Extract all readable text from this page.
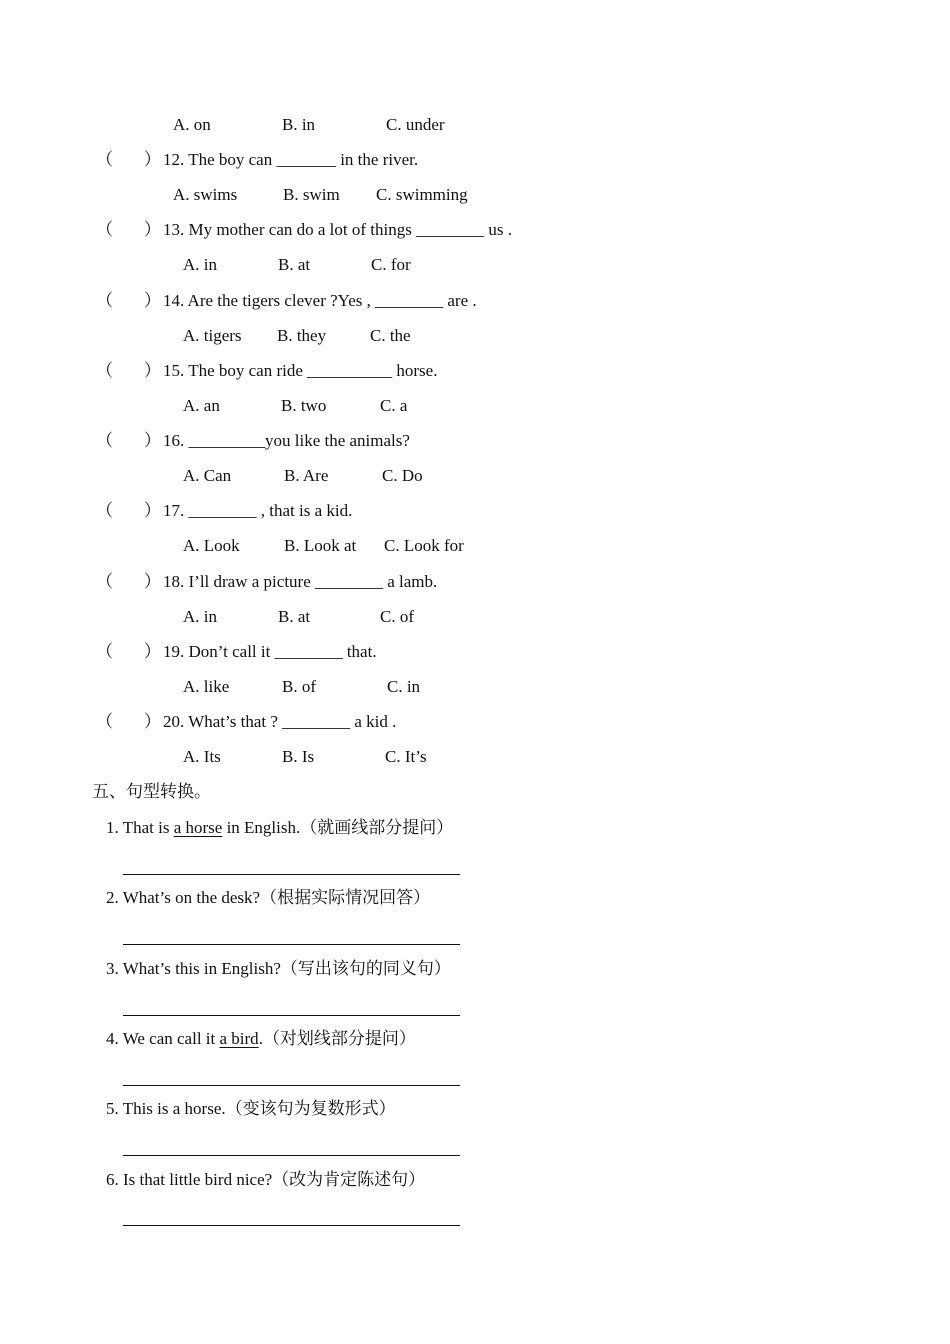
A. on	B. in	C. under
（ ） 12. The boy can _______ in the river.
A. swims	B. swim C. swimming
（ ） 13. My mother can do a lot of things ________ us .
A. in	B. at	C. for
（ ） 14. Are the tigers clever ?Yes , ________ are .
A. tigers B. they	C. the
（ ） 15. The boy can ride __________ horse.
A. an	B. two	C. a
（ ） 16. _________you like the animals?
A. Can	B. Are	C. Do
（ ） 17. ________ , that is a kid.
A. Look	B. Look at C. Look for
（ ） 18. I’ll draw a picture ________ a lamb.
A. in	B. at	C. of
（ ） 19. Don’t call it ________ that.
A. like	B. of	C. in
（ ） 20. What’s that ? ________ a kid .
A. Its	B. Is	C. It’s
五、句型转换。
1. That is a horse in English.（就画线部分提问）
2. What’s on the desk?（根据实际情况回答）
3. What’s this in English?（写出该句的同义句）
4. We can call it a bird.（对划线部分提问）
5. This is a horse.（变该句为复数形式）
6. Is that little bird nice?（改为肯定陈述句）
